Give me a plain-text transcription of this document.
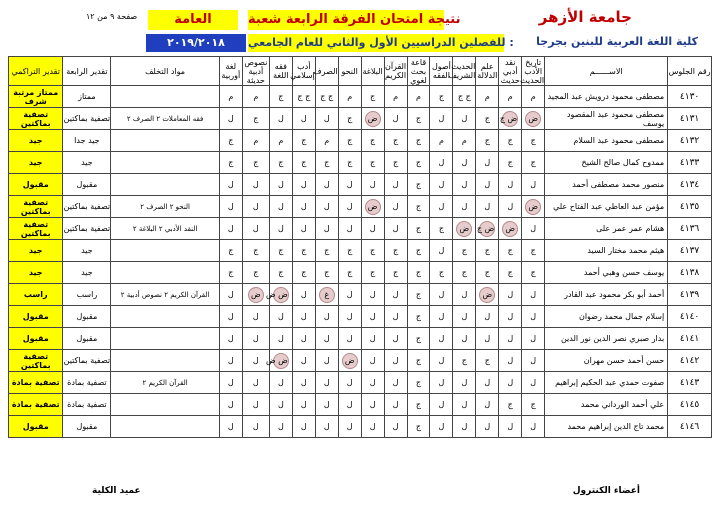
جامعة الأزهر
كلية اللغة العربية للبنين بجرجا
نتيجة امتحان الفرقة الرابعة شعبة
العامة
للفصلين الدراسيين الأول والثاني للعام الجامعي :
٢٠١٩/٢٠١٨
صفحة ٩ من ١٢
رقم الجلوس	الاســــــم	تاريخ الأدب الحديث	نقد أدبي حديث	علم الدلالة	الحديث الشريف	أصول الفقه	قاعة بحث لغوي	القرآن الكريم	البلاغة	النحو	الصرف	أدب إسلامي	فقه اللغة	نصوص أدبية حديثة	لغة أوربية	مواد التخلف	تقدير الرابعة	تقدير التراكمي
٤١٣٠	مصطفى محمود درويش عبد المجيد	م	م	م	ج ج	ج	م	م	ج	م	ج ج	ج ج	ج	م	م		ممتاز	ممتاز مرتبة شرف
٤١٣١	مصطفى محمود عبد المقصود يوسف	ض	ض ج	ج	ل	ل	ج	ل	ض	ج	ل	ل	ل	ج	ل	فقه المعاملات ٢ الصرف ٢	تصفية بماكتين	تصفية بماكتين
٤١٣٢	مصطفى محمود عبد السلام	ج	ج	ج	م	م	ج	ج	ج	ج	م	ج	م	م	ج		جيد جدا	جيد
٤١٣٣	ممدوح كمال صالح الشيخ	ج	ج	ل	ل	ل	ج	ج	ج	ج	ج	ج	ج	ج	ج		جيد	جيد
٤١٣٤	منصور محمد مصطفى أحمد	ل	ل	ل	ل	ل	ج	ل	ل	ل	ل	ل	ل	ل	ل		مقبول	مقبول
٤١٣٥	مؤمن عبد العاطي عبد الفتاح علي	ض	ل	ل	ل	ل	ج	ل	ض	ل	ل	ل	ل	ل	ل	النحو ٢ الصرف ٢	تصفية بماكتين	تصفية بماكتين
٤١٣٦	هشام عمر عمر على	ل	ض	ض ج	ض	ج	ج	ل	ل	ل	ل	ل	ل	ل	ل	النقد الأدبي ٢ البلاغة ٢	تصفية بماكتين	تصفية بماكتين
٤١٣٧	هيثم محمد مختار السيد	ج	ج	ج	ج	ل	ج	ج	ج	ج	ج	ج	ج	ج	ج		جيد	جيد
٤١٣٨	يوسف حسن وهبي أحمد	ج	ج	ج	ج	ج	ج	ج	ج	ج	ج	ج	ج	ج	ج		جيد	جيد
٤١٣٩	أحمد أبو بكر محمود عبد القادر	ل	ل	ض	ل	ل	ج	ل	ل	ل	غ	ل	ض ض	ض	ل	القرآن الكريم ٢ نصوص أدبية ٢	راسب	راسب
٤١٤٠	إسلام جمال محمد رضوان	ل	ل	ل	ل	ل	ج	ل	ل	ل	ل	ل	ل	ل	ل		مقبول	مقبول
٤١٤١	بدار صبري نصر الدين نور الدين	ل	ل	ل	ل	ل	ج	ل	ل	ل	ل	ل	ل	ل	ل		مقبول	مقبول
٤١٤٢	حسن أحمد حسن مهران	ل	ل	ج	ج	ل	ج	ل	ل	ض	ل	ل	ض ض	ل	ل		تصفية بماكتين	تصفية بماكتين
٤١٤٣	صفوت حمدي عبد الحكيم إبراهيم	ل	ل	ل	ل	ل	ج	ل	ل	ل	ل	ل	ل	ل	ل	القرآن الكريم ٢	تصفية بمادة	تصفية بمادة
٤١٤٥	علي أحمد الورداني محمد	ج	ج	ل	ل	ل	ج	ل	ل	ل	ل	ل	ل	ل	ل		تصفية بمادة	تصفية بمادة
٤١٤٦	محمد تاج الدين إبراهيم محمد	ل	ل	ل	ل	ل	ج	ل	ل	ل	ل	ل	ل	ل	ل		مقبول	مقبول
أعضاء الكنترول
عميد الكلية
